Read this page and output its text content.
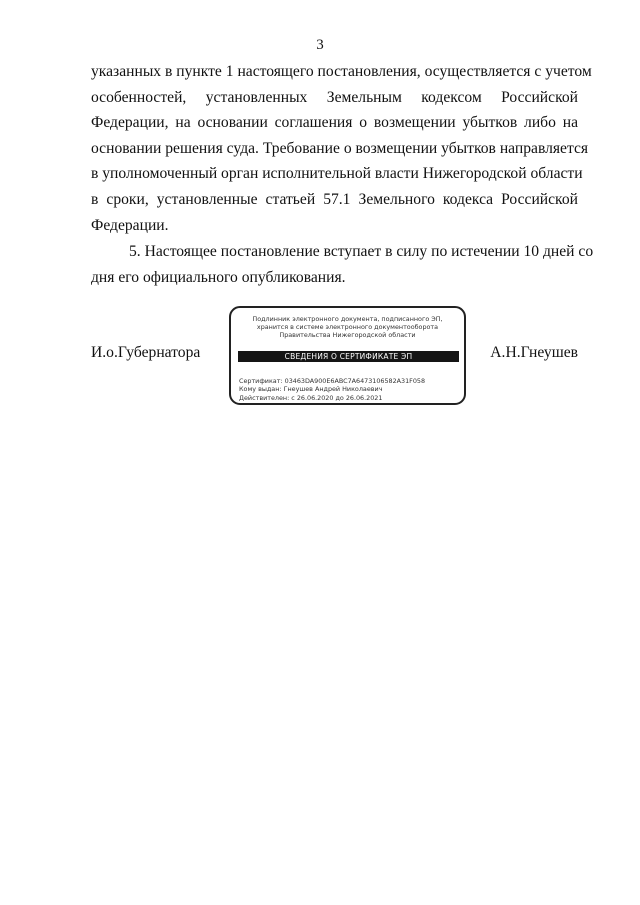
3
указанных в пункте 1 настоящего постановления, осуществляется с учетом
особенностей, установленных Земельным кодексом Российской
Федерации, на основании соглашения о возмещении убытков либо на
основании решения суда. Требование о возмещении убытков направляется
в уполномоченный орган исполнительной власти Нижегородской области
в сроки, установленные статьей 57.1 Земельного кодекса Российской
Федерации.
5. Настоящее постановление вступает в силу по истечении 10 дней со
дня его официального опубликования.
И.о.Губернатора	А.Н.Гнеушев
Подлинник электронного документа, подписанного ЭП,
хранится в системе электронного документооборота
Правительства Нижегородской области
СВЕДЕНИЯ О СЕРТИФИКАТЕ ЭП
Сертификат: 03463DA900E6ABC7A6473106582A31F058
Кому выдан: Гнеушев Андрей Николаевич
Действителен: с 26.06.2020 до 26.06.2021
